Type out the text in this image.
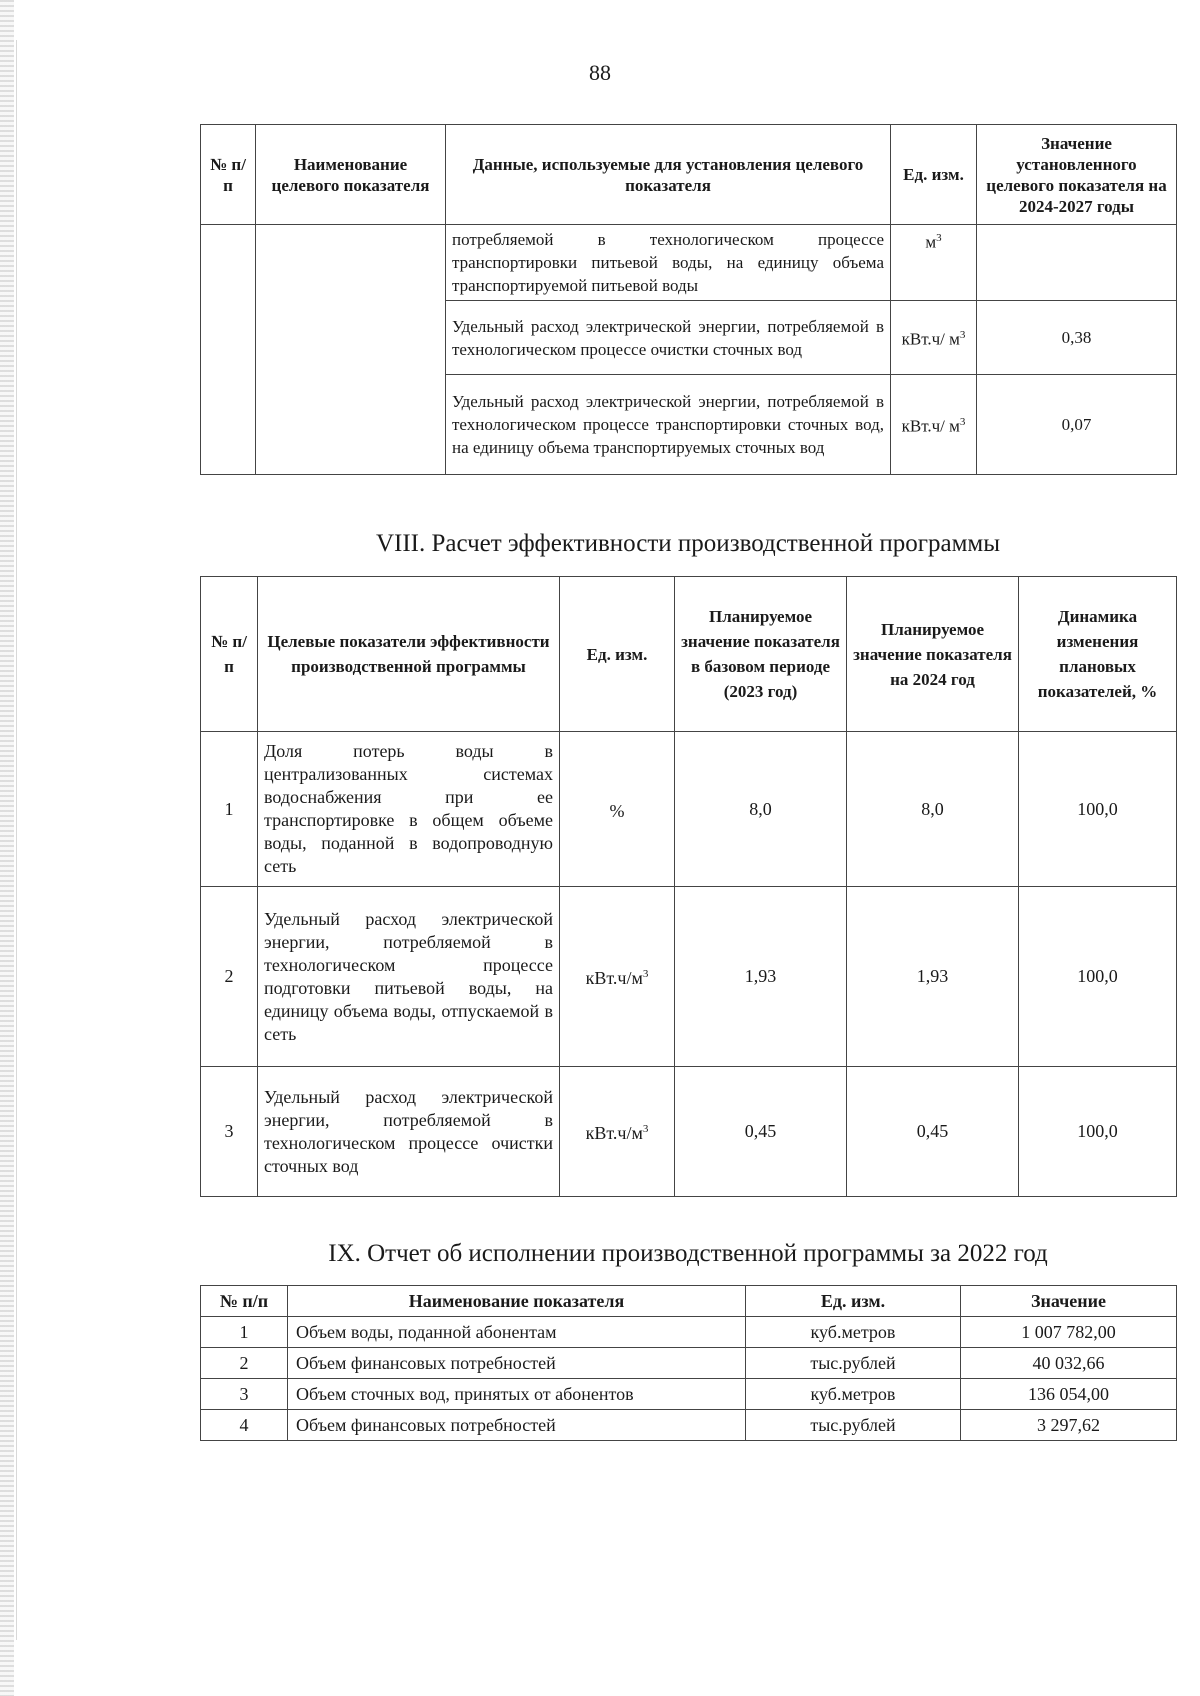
88
№ п/п	Наименование целевого показателя	Данные, используемые для установления целевого показателя	Ед. изм.	Значение установленного целевого показателя на 2024-2027 годы
		потребляемой в технологическом процессе транспортировки питьевой воды, на единицу объема транспортируемой питьевой воды	$м^3$	
		Удельный расход электрической энергии, потребляемой в технологическом процессе очистки сточных вод	кВт.ч/ $м^3$	0,38
		Удельный расход электрической энергии, потребляемой в технологическом процессе транспортировки сточных вод, на единицу объема транспортируемых сточных вод	кВт.ч/ $м^3$	0,07
VIII. Расчет эффективности производственной программы
№ п/п	Целевые показатели эффективности производственной программы	Ед. изм.	Планируемое значение показателя в базовом периоде (2023 год)	Планируемое значение показателя на 2024 год	Динамика изменения плановых показателей, %
1	Доля потерь воды в централизованных системах водоснабжения при ее транспортировке в общем объеме воды, поданной в водопроводную сеть	%	8,0	8,0	100,0
2	Удельный расход электрической энергии, потребляемой в технологическом процессе подготовки питьевой воды, на единицу объема воды, отпускаемой в сеть	$кВт.ч/м^3$	1,93	1,93	100,0
3	Удельный расход электрической энергии, потребляемой в технологическом процессе очистки сточных вод	$кВт.ч/м^3$	0,45	0,45	100,0
IX. Отчет об исполнении производственной программы за 2022 год
№ п/п	Наименование показателя	Ед. изм.	Значение
1	Объем воды, поданной абонентам	куб.метров	1 007 782,00
2	Объем финансовых потребностей	тыс.рублей	40 032,66
3	Объем сточных вод, принятых от абонентов	куб.метров	136 054,00
4	Объем финансовых потребностей	тыс.рублей	3 297,62
